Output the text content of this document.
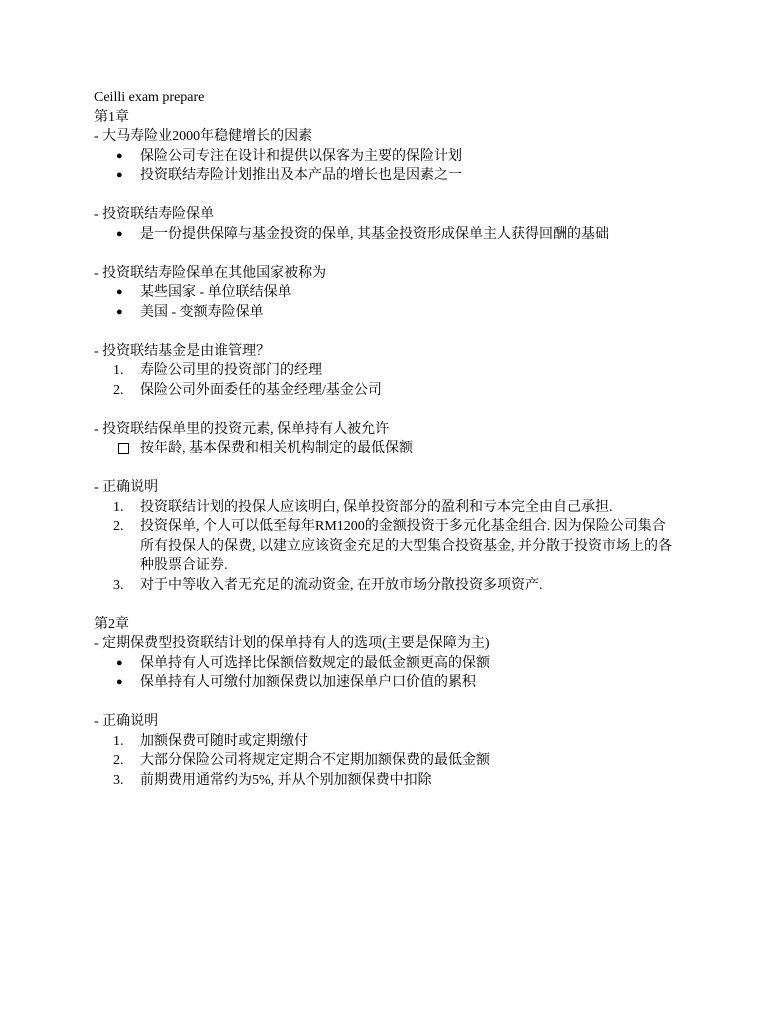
Ceilli exam prepare
第1章
- 大马寿险业2000年稳健增长的因素
●	保险公司专注在设计和提供以保客为主要的保险计划
●	投资联结寿险计划推出及本产品的增长也是因素之一
- 投资联结寿险保单
●	是一份提供保障与基金投资的保单, 其基金投资形成保单主人获得回酬的基础
- 投资联结寿险保单在其他国家被称为
●	某些国家 - 单位联结保单
●	美国 - 变额寿险保单
- 投资联结基金是由谁管理？
1.	寿险公司里的投资部门的经理
2.	保险公司外面委任的基金经理/基金公司
- 投资联结保单里的投资元素, 保单持有人被允许
按年龄, 基本保费和相关机构制定的最低保额
- 正确说明
1.	投资联结计划的投保人应该明白, 保单投资部分的盈利和亏本完全由自己承担.
2.	投资保单, 个人可以低至每年RM1200的金额投资于多元化基金组合. 因为保险公司集合所有投保人的保费, 以建立应该资金充足的大型集合投资基金, 并分散于投资市场上的各种股票合证券.
3.	对于中等收入者无充足的流动资金, 在开放市场分散投资多项资产.
第2章
- 定期保费型投资联结计划的保单持有人的选项(主要是保障为主)
●	保单持有人可选择比保额倍数规定的最低金额更高的保额
●	保单持有人可缴付加额保费以加速保单户口价值的累积
- 正确说明
1.	加额保费可随时或定期缴付
2.	大部分保险公司将规定定期合不定期加额保费的最低金额
3.	前期费用通常约为5%, 并从个别加额保费中扣除
